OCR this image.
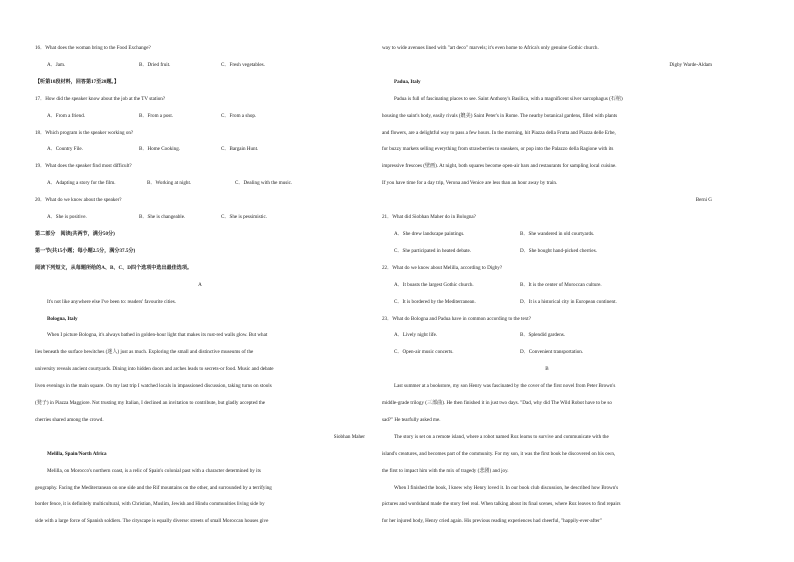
16．What does the woman bring to the Food Exchange?

A．Jam.	B．Dried fruit.	C．Fresh vegetables.

【听第10段材料，回答第17至20题。】

17．How did the speaker know about the job at the TV station?

A．From a friend.	B．From a post.	C．From a shop.

18．Which program is the speaker working on?

A．Country File.	B．Home Cooking.	C．Bargain Hunt.

19．What does the speaker find most difficult?

A．Adapting a story for the film.	B．Working at night.	C．Dealing with the music.

20．What do we know about the speaker?

A．She is positive.	B．She is changeable.	C．She is pessimistic.

第二部分　阅读(共两节，满分50分)

第一节(共15小题；每小题2.5分，满分37.5分)

阅读下列短文，从每题所给的A、B、C、D四个选项中选出最佳选项。

A

It's not like anywhere else I've been to: readers' favourite cities.

Bologna, Italy

When I picture Bologna, it's always bathed in golden-hour light that makes its rust-red walls glow. But what

lies beneath the surface bewitches (迷人) just as much. Exploring the small and distinctive museums of the

university reveals ancient courtyards. Dining into hidden doors and arches leads to secrets-or food. Music and debate

liven evenings in the main square. On my last trip I watched locals in impassioned discussion, taking turns on stools

(凳子) in Piazza Maggiore. Not trusting my Italian, I declined an invitation to contribute, but gladly accepted the

cherries shared among the crowd.

Siobhan Maher

Melilla, Spain/North Africa

Melilla, on Morocco's northern coast, is a relic of Spain's colonial past with a character determined by its

geography. Facing the Mediterranean on one side and the Rif mountains on the other, and surrounded by a terrifying

border fence, it is definitely multicultural, with Christian, Muslim, Jewish and Hindu communities living side by

side with a large force of Spanish soldiers. The cityscape is equally diverse: streets of small Moroccan houses give

way to wide avenues lined with "art deco" marvels; it's even home to Africa's only genuine Gothic church.

Digby Warde-Aldam

Padua, Italy

Padua is full of fascinating places to see. Saint Anthony's Basilica, with a magnificent silver sarcophagus (石棺)

housing the saint's body, easily rivals (媲美) Saint Peter's in Rome. The nearby botanical gardens, filled with plants

and flowers, are a delightful way to pass a few hours. In the morning, hit Piazza della Frutta and Piazza delle Erbe,

for buzzy markets selling everything from strawberries to sneakers, or pop into the Palazzo della Ragione with its

impressive frescoes (壁画). At night, both squares become open-air bars and restaurants for sampling local cuisine.

If you have time for a day trip, Verona and Venice are less than an hour away by train.

Berni G

21．What did Siobhan Maher do in Bologna?

A．She drew landscape paintings.	B．She wandered in old courtyards.
C．She participated in heated debate.	D．She bought hand-picked cherries.

22．What do we know about Melilla, according to Digby?

A．It boasts the largest Gothic church.	B．It is the center of Moroccan culture.
C．It is bordered by the Mediterranean.	D．It is a historical city in European continent.

23．What do Bologna and Padua have in common according to the text?

A．Lively night life.	B．Splendid gardens.
C．Open-air music concerts.	D．Convenient transportation.

B

Last summer at a bookstore, my son Henry was fascinated by the cover of the first novel from Peter Brown's

middle-grade trilogy (三部曲). He then finished it in just two days. "Dad, why did The Wild Robot have to be so

sad?" He tearfully asked me.

The story is set on a remote island, where a robot named Roz learns to survive and communicate with the

island's creatures, and becomes part of the community. For my son, it was the first book he discovered on his own,

the first to impact him with the mix of tragedy (悲剧) and joy.

When I finished the book, I knew why Henry loved it. In our book club discussion, he described how Brown's

pictures and wordsland made the story feel real. When talking about its final scenes, where Roz leaves to find repairs

for her injured body, Henry cried again. His previous reading experiences had cheerful, "happily-ever-after"
